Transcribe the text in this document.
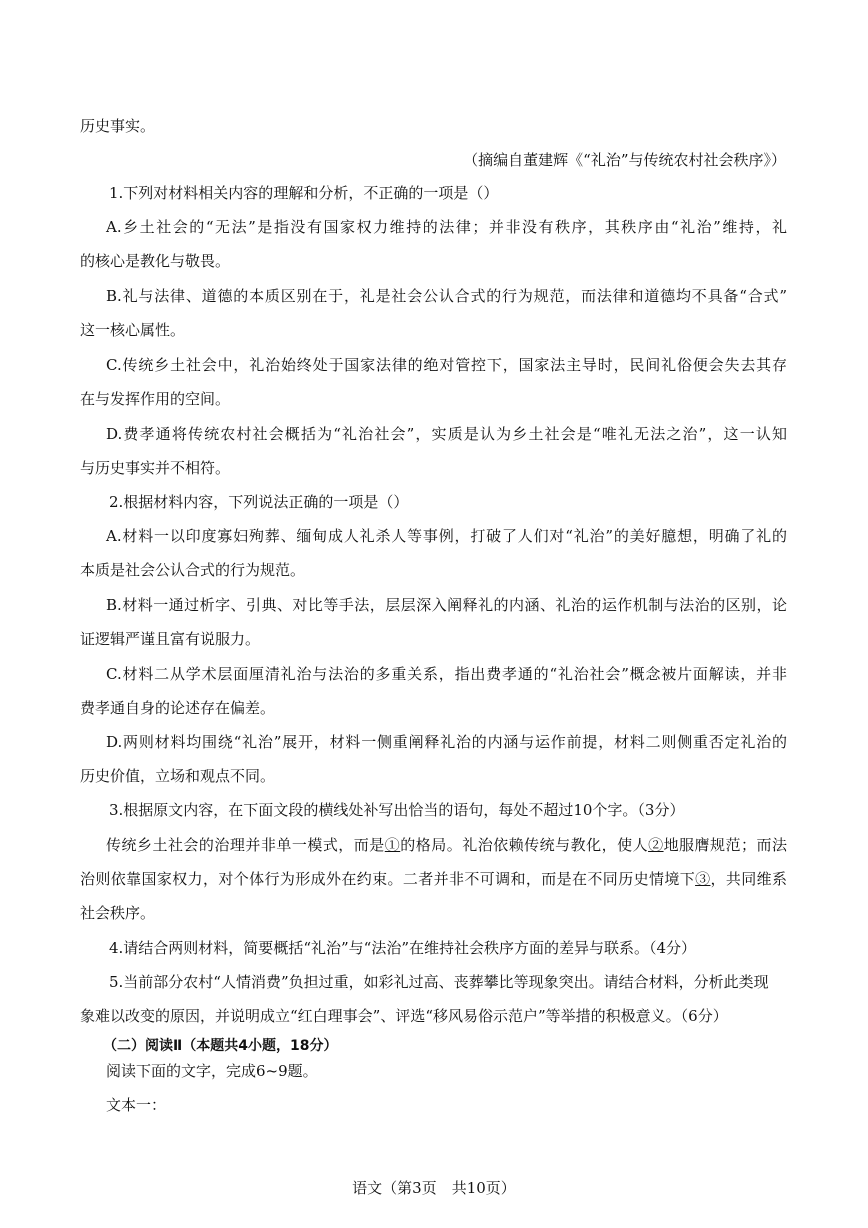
历史事实。
（摘编自董建辉《“礼治”与传统农村社会秩序》）
1.下列对材料相关内容的理解和分析，不正确的一项是（）
A.乡土社会的“无法”是指没有国家权力维持的法律；并非没有秩序，其秩序由“礼治”维持，礼
的核心是教化与敬畏。
B.礼与法律、道德的本质区别在于，礼是社会公认合式的行为规范，而法律和道德均不具备“合式”
这一核心属性。
C.传统乡土社会中，礼治始终处于国家法律的绝对管控下，国家法主导时，民间礼俗便会失去其存
在与发挥作用的空间。
D.费孝通将传统农村社会概括为“礼治社会”，实质是认为乡土社会是“唯礼无法之治”，这一认知
与历史事实并不相符。
2.根据材料内容，下列说法正确的一项是（）
A.材料一以印度寡妇殉葬、缅甸成人礼杀人等事例，打破了人们对“礼治”的美好臆想，明确了礼的
本质是社会公认合式的行为规范。
B.材料一通过析字、引典、对比等手法，层层深入阐释礼的内涵、礼治的运作机制与法治的区别，论
证逻辑严谨且富有说服力。
C.材料二从学术层面厘清礼治与法治的多重关系，指出费孝通的“礼治社会”概念被片面解读，并非
费孝通自身的论述存在偏差。
D.两则材料均围绕“礼治”展开，材料一侧重阐释礼治的内涵与运作前提，材料二则侧重否定礼治的
历史价值，立场和观点不同。
3.根据原文内容，在下面文段的横线处补写出恰当的语句，每处不超过10个字。（3分）
传统乡土社会的治理并非单一模式，而是①的格局。礼治依赖传统与教化，使人②地服膺规范；而法
治则依靠国家权力，对个体行为形成外在约束。二者并非不可调和，而是在不同历史情境下③，共同维系
社会秩序。
4.请结合两则材料，简要概括“礼治”与“法治”在维持社会秩序方面的差异与联系。（4分）
5.当前部分农村“人情消费”负担过重，如彩礼过高、丧葬攀比等现象突出。请结合材料，分析此类现
象难以改变的原因，并说明成立“红白理事会”、评选“移风易俗示范户”等举措的积极意义。（6分）
（二）阅读Ⅱ（本题共4小题，18分）
阅读下面的文字，完成6~9题。
文本一：
语文（第3页　共10页）
